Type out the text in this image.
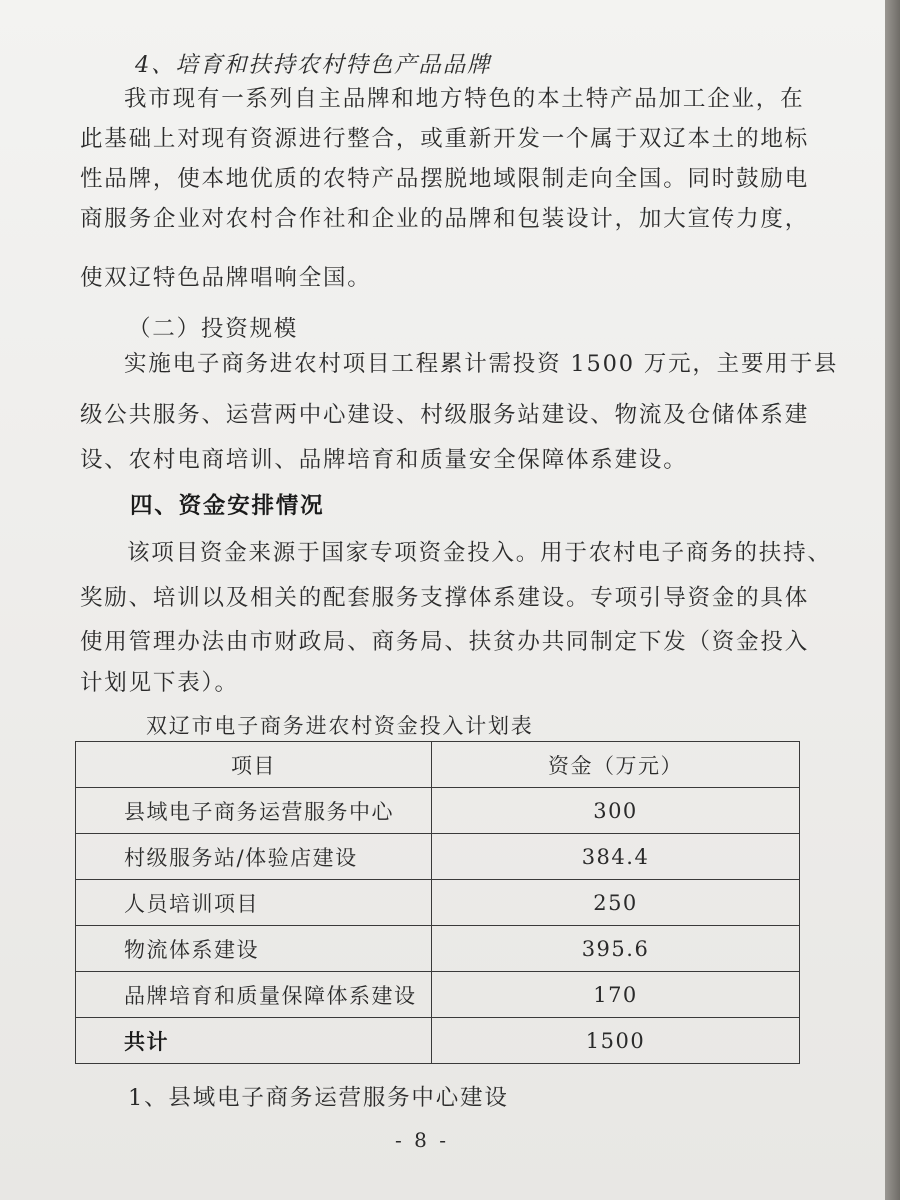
4、培育和扶持农村特色产品品牌
我市现有一系列自主品牌和地方特色的本土特产品加工企业，在
此基础上对现有资源进行整合，或重新开发一个属于双辽本土的地标
性品牌，使本地优质的农特产品摆脱地域限制走向全国。同时鼓励电
商服务企业对农村合作社和企业的品牌和包装设计，加大宣传力度，
使双辽特色品牌唱响全国。
（二）投资规模
实施电子商务进农村项目工程累计需投资 1500 万元，主要用于县
级公共服务、运营两中心建设、村级服务站建设、物流及仓储体系建
设、农村电商培训、品牌培育和质量安全保障体系建设。
四、资金安排情况
该项目资金来源于国家专项资金投入。用于农村电子商务的扶持、
奖励、培训以及相关的配套服务支撑体系建设。专项引导资金的具体
使用管理办法由市财政局、商务局、扶贫办共同制定下发（资金投入
计划见下表）。
双辽市电子商务进农村资金投入计划表
项目	资金（万元）
县域电子商务运营服务中心	300
村级服务站/体验店建设	384.4
人员培训项目	250
物流体系建设	395.6
品牌培育和质量保障体系建设	170
共计	1500
1、县域电子商务运营服务中心建设
- 8 -
